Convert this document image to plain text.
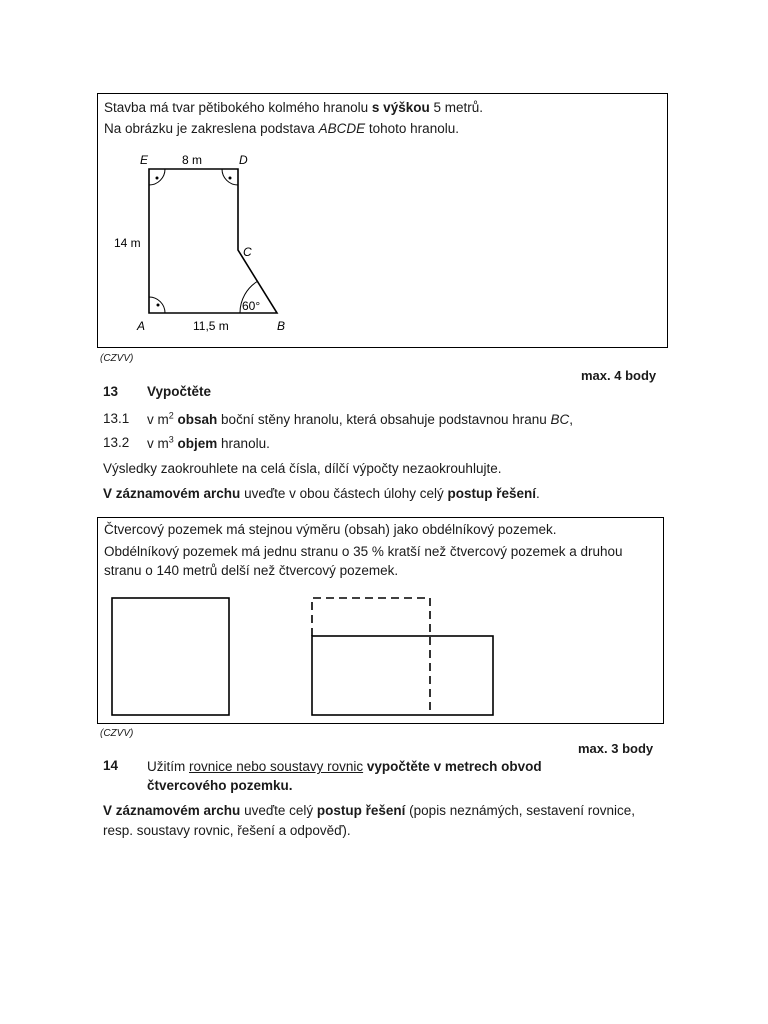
Stavba má tvar pětibokého kolmého hranolu s výškou 5 metrů.
Na obrázku je zakreslena podstava ABCDE tohoto hranolu.
60°
E	D
C
A	B
8 m
14 m
11,5 m
(CZVV)
max. 4 body
13 Vypočtěte
13.1 v $m^2$ obsah boční stěny hranolu, která obsahuje podstavnou hranu BC,
13.2 v $m^3$ objem hranolu.
Výsledky zaokrouhlete na celá čísla, dílčí výpočty nezaokrouhlujte.
V záznamovém archu uveďte v obou částech úlohy celý postup řešení.
Čtvercový pozemek má stejnou výměru (obsah) jako obdélníkový pozemek.
Obdélníkový pozemek má jednu stranu o 35 % kratší než čtvercový pozemek a druhou
stranu o 140 metrů delší než čtvercový pozemek.
(CZVV)
max. 3 body
14 Užitím rovnice nebo soustavy rovnic vypočtěte v metrech obvod
čtvercového pozemku.
V záznamovém archu uveďte celý postup řešení (popis neznámých, sestavení rovnice,
resp. soustavy rovnic, řešení a odpověď).
